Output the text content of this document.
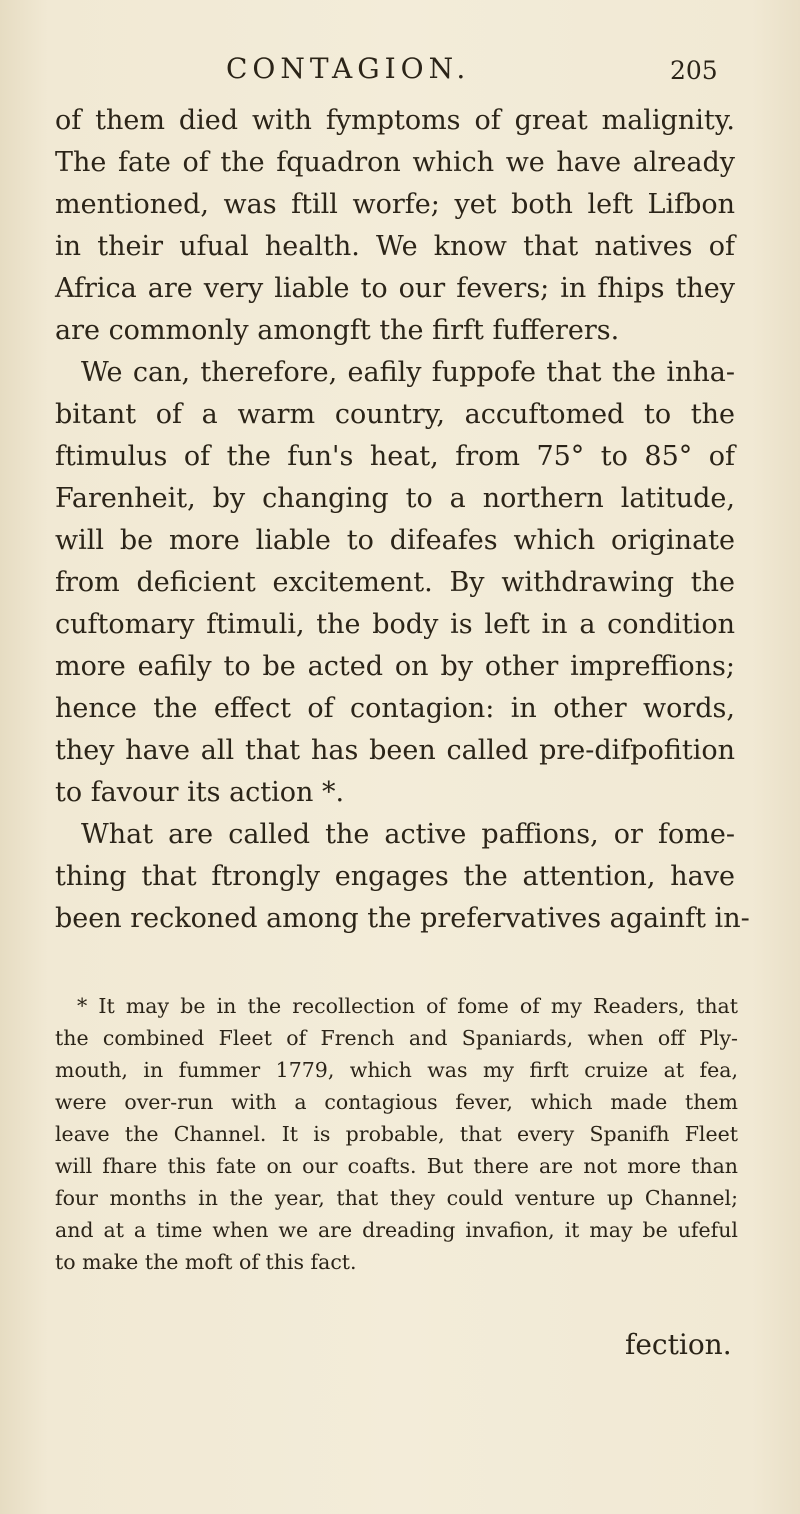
CONTAGION.	205
of them died with fymptoms of great malignity.
The fate of the fquadron which we have already
mentioned, was ftill worfe; yet both left Lifbon
in their ufual health. We know that natives of
Africa are very liable to our fevers; in fhips they
are commonly amongft the firft fufferers.
We can, therefore, eafily fuppofe that the inha-
bitant of a warm country, accuftomed to the
ftimulus of the fun's heat, from 75° to 85° of
Farenheit, by changing to a northern latitude,
will be more liable to difeafes which originate
from deficient excitement. By withdrawing the
cuftomary ftimuli, the body is left in a condition
more eafily to be acted on by other impreffions;
hence the effect of contagion: in other words,
they have all that has been called pre-difpofition
to favour its action *.
What are called the active paffions, or fome-
thing that ftrongly engages the attention, have
been reckoned among the prefervatives againft in-
* It may be in the recollection of fome of my Readers, that
the combined Fleet of French and Spaniards, when off Ply-
mouth, in fummer 1779, which was my firft cruize at fea,
were over-run with a contagious fever, which made them
leave the Channel. It is probable, that every Spanifh Fleet
will fhare this fate on our coafts. But there are not more than
four months in the year, that they could venture up Channel;
and at a time when we are dreading invafion, it may be ufeful
to make the moft of this fact.
fection.
